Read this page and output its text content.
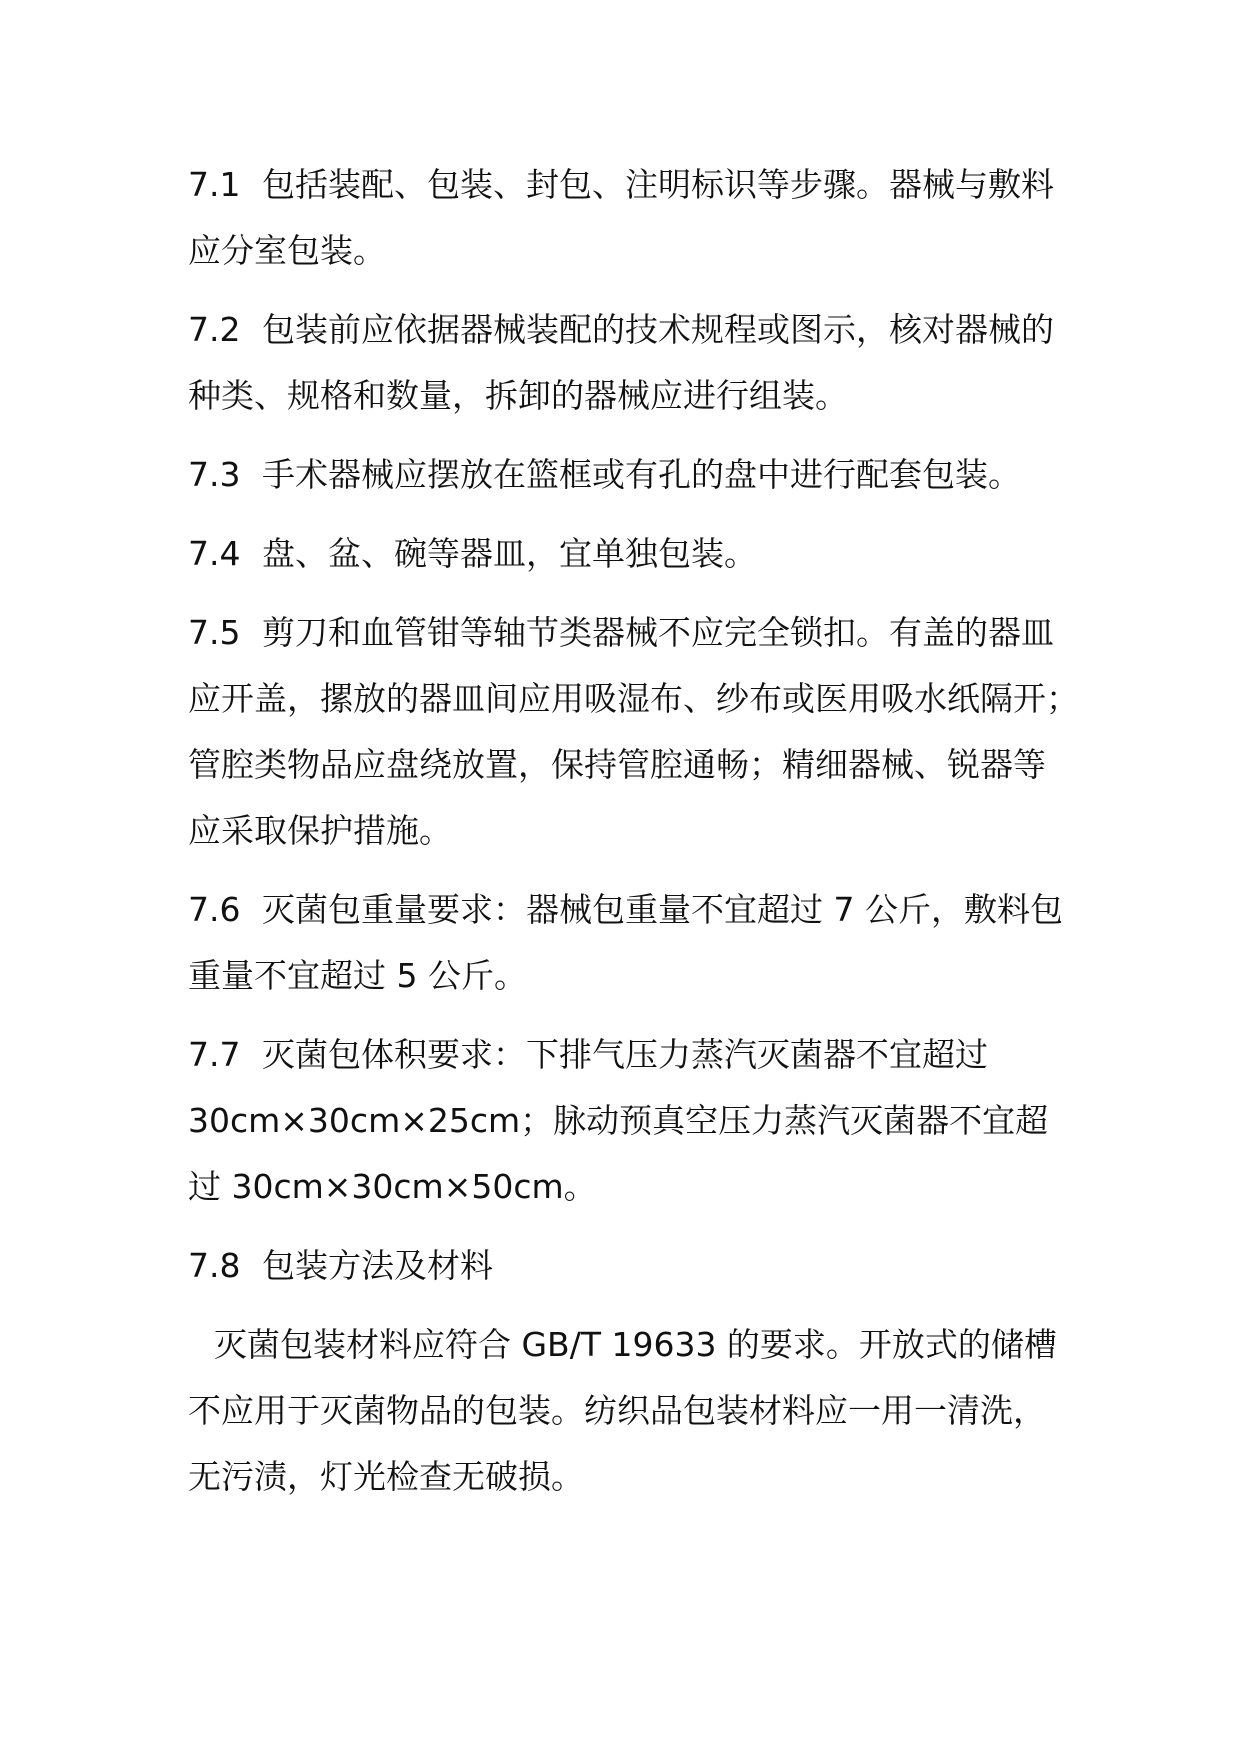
7.1 包括装配、包装、封包、注明标识等步骤。器械与敷料
应分室包装。
7.2 包装前应依据器械装配的技术规程或图示，核对器械的
种类、规格和数量，拆卸的器械应进行组装。
7.3 手术器械应摆放在篮框或有孔的盘中进行配套包装。
7.4 盘、盆、碗等器皿，宜单独包装。
7.5 剪刀和血管钳等轴节类器械不应完全锁扣。有盖的器皿
应开盖，摞放的器皿间应用吸湿布、纱布或医用吸水纸隔开；
管腔类物品应盘绕放置，保持管腔通畅；精细器械、锐器等
应采取保护措施。
7.6 灭菌包重量要求：器械包重量不宜超过 7 公斤，敷料包
重量不宜超过 5 公斤。
7.7 灭菌包体积要求：下排气压力蒸汽灭菌器不宜超过
30cm×30cm×25cm；脉动预真空压力蒸汽灭菌器不宜超
过 30cm×30cm×50cm。
7.8 包装方法及材料
灭菌包装材料应符合 GB/T 19633 的要求。开放式的储槽
不应用于灭菌物品的包装。纺织品包装材料应一用一清洗，
无污渍，灯光检查无破损。
